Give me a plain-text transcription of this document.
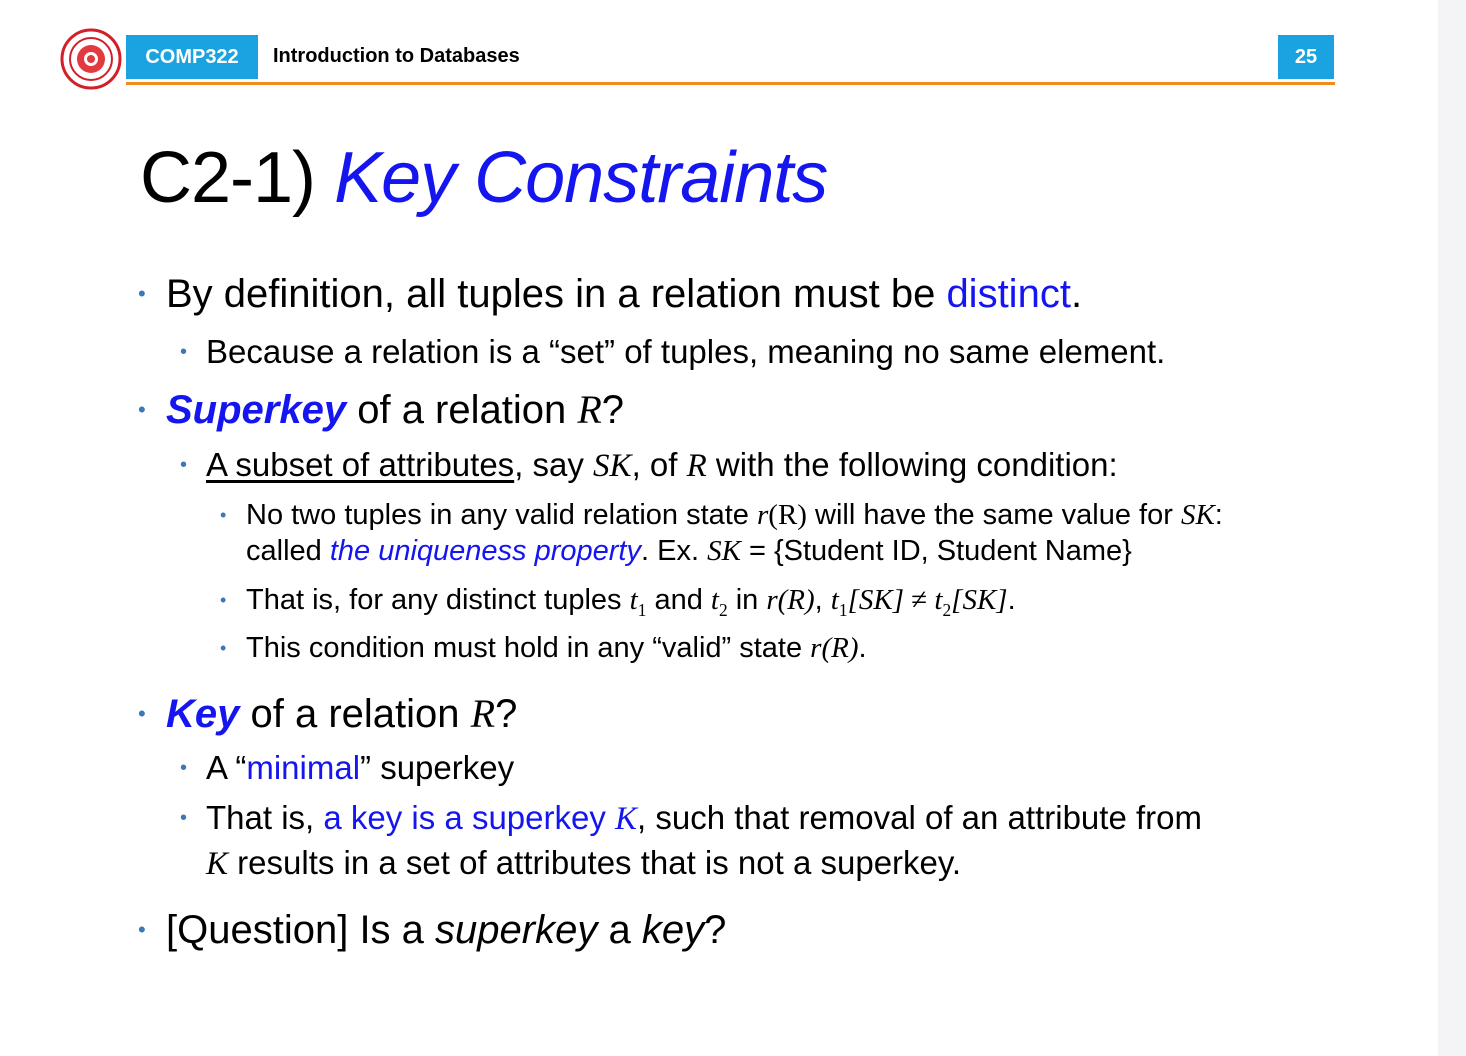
COMP322	Introduction to Databases	25
C2-1) Key Constraints
• By definition, all tuples in a relation must be distinct.
• Because a relation is a “set” of tuples, meaning no same element.
• Superkey of a relation R?
• A subset of attributes, say SK, of R with the following condition:
• No two tuples in any valid relation state r(R) will have the same value for SK:
called the uniqueness property. Ex. SK = {Student ID, Student Name}
• That is, for any distinct tuples $t_1$ and $t_2$ in r(R), $t_1[SK] \ne t_2[SK]$.
• This condition must hold in any “valid” state r(R).
• Key of a relation R?
• A “minimal” superkey
• That is, a key is a superkey K, such that removal of an attribute from
K results in a set of attributes that is not a superkey.
• [Question] Is a superkey a key?
